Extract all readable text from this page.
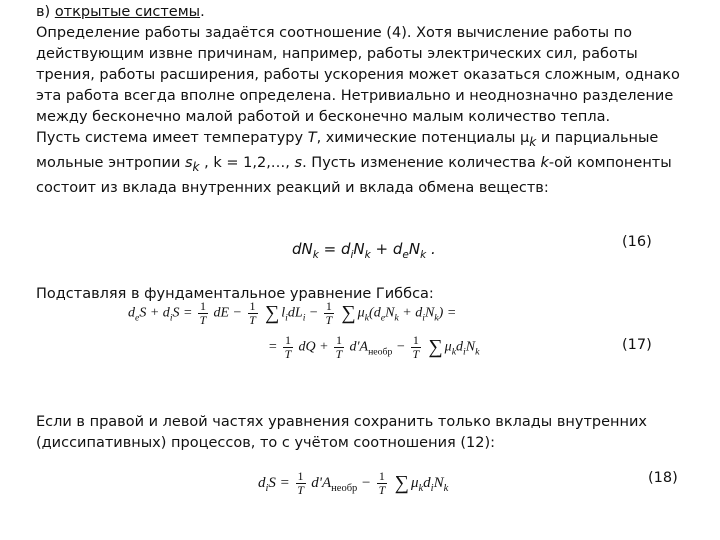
в) открытые системы.
Определение работы задаётся соотношение (4). Хотя вычисление работы по
действующим извне причинам, например, работы электрических сил, работы
трения, работы расширения, работы ускорения может оказаться сложным, однако
эта работа всегда вполне определена. Нетривиально и неоднозначно разделение
между бесконечно малой работой и бесконечно малым количество тепла.
Пусть система имеет температуру T, химические потенциалы $\mu_k$ и парциальные
мольные энтропии $s_k$ , k = 1,2,…, s. Пусть изменение количества k-ой компоненты
состоит из вклада внутренних реакций и вклада обмена веществ:
$dN_k = d_iN_k + d_eN_k$ .	(16)
Подставляя в фундаментальное уравнение Гиббса:
$d_eS + d_iS = \frac{1}{T}$ dE − $\frac{1}{T}$ ∑ $l_idL_i - \frac{1}{T}$ ∑ $\mu_k(d_eN_k + d_iN_k)$ =
= $\frac{1}{T}$ dQ + $\frac{1}{T} d'A_{необр} - \frac{1}{T}$ ∑ $\mu_kd_iN_k$	(17)
Если в правой и левой частях уравнения сохранить только вклады внутренних
(диссипативных) процессов, то с учётом соотношения (12):
$d_iS = \frac{1}{T} d'A_{необр} - \frac{1}{T}$ ∑ $\mu_kd_iN_k$
(18)
